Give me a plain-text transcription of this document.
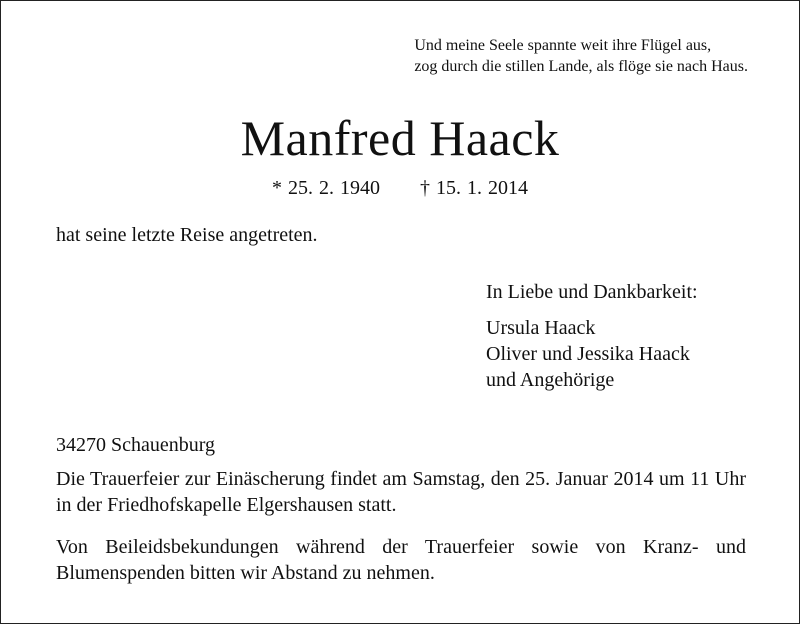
Und meine Seele spannte weit ihre Flügel aus,
zog durch die stillen Lande, als flöge sie nach Haus.
Manfred Haack
* 25. 2. 1940 † 15. 1. 2014
hat seine letzte Reise angetreten.
In Liebe und Dankbarkeit:
Ursula Haack
Oliver und Jessika Haack
und Angehörige
34270 Schauenburg
Die Trauerfeier zur Einäscherung findet am Samstag, den 25. Januar 2014 um 11 Uhr in der Friedhofskapelle Elgershausen statt.
Von Beileidsbekundungen während der Trauerfeier sowie von Kranz- und Blumenspenden bitten wir Abstand zu nehmen.
